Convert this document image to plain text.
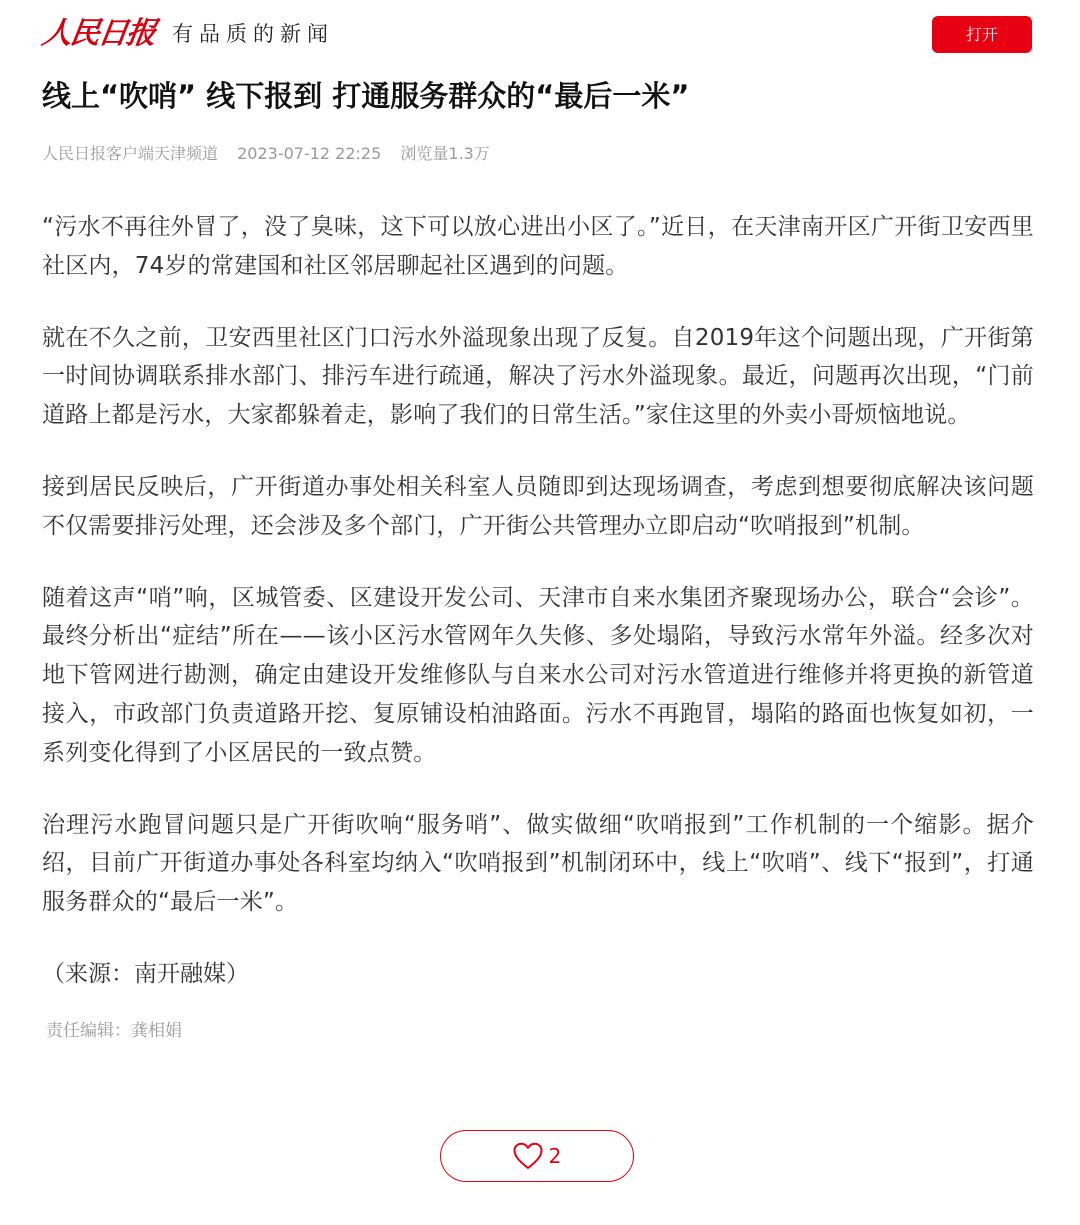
人民日报 有品质的新闻	打开
线上“吹哨” 线下报到 打通服务群众的“最后一米”
人民日报客户端天津频道 2023-07-12 22:25 浏览量1.3万

“污水不再往外冒了，没了臭味，这下可以放心进出小区了。”近日，在天津南开区广开街卫安西里社区内，74岁的常建国和社区邻居聊起社区遇到的问题。

就在不久之前，卫安西里社区门口污水外溢现象出现了反复。自2019年这个问题出现，广开街第一时间协调联系排水部门、排污车进行疏通，解决了污水外溢现象。最近，问题再次出现，“门前道路上都是污水，大家都躲着走，影响了我们的日常生活。”家住这里的外卖小哥烦恼地说。

接到居民反映后，广开街道办事处相关科室人员随即到达现场调查，考虑到想要彻底解决该问题不仅需要排污处理，还会涉及多个部门，广开街公共管理办立即启动“吹哨报到”机制。

随着这声“哨”响，区城管委、区建设开发公司、天津市自来水集团齐聚现场办公，联合“会诊”。最终分析出“症结”所在——该小区污水管网年久失修、多处塌陷，导致污水常年外溢。经多次对地下管网进行勘测，确定由建设开发维修队与自来水公司对污水管道进行维修并将更换的新管道接入，市政部门负责道路开挖、复原铺设柏油路面。污水不再跑冒，塌陷的路面也恢复如初，一系列变化得到了小区居民的一致点赞。

治理污水跑冒问题只是广开街吹响“服务哨”、做实做细“吹哨报到”工作机制的一个缩影。据介绍，目前广开街道办事处各科室均纳入“吹哨报到”机制闭环中，线上“吹哨”、线下“报到”，打通服务群众的“最后一米”。

（来源：南开融媒）

责任编辑：龚相娟
2
